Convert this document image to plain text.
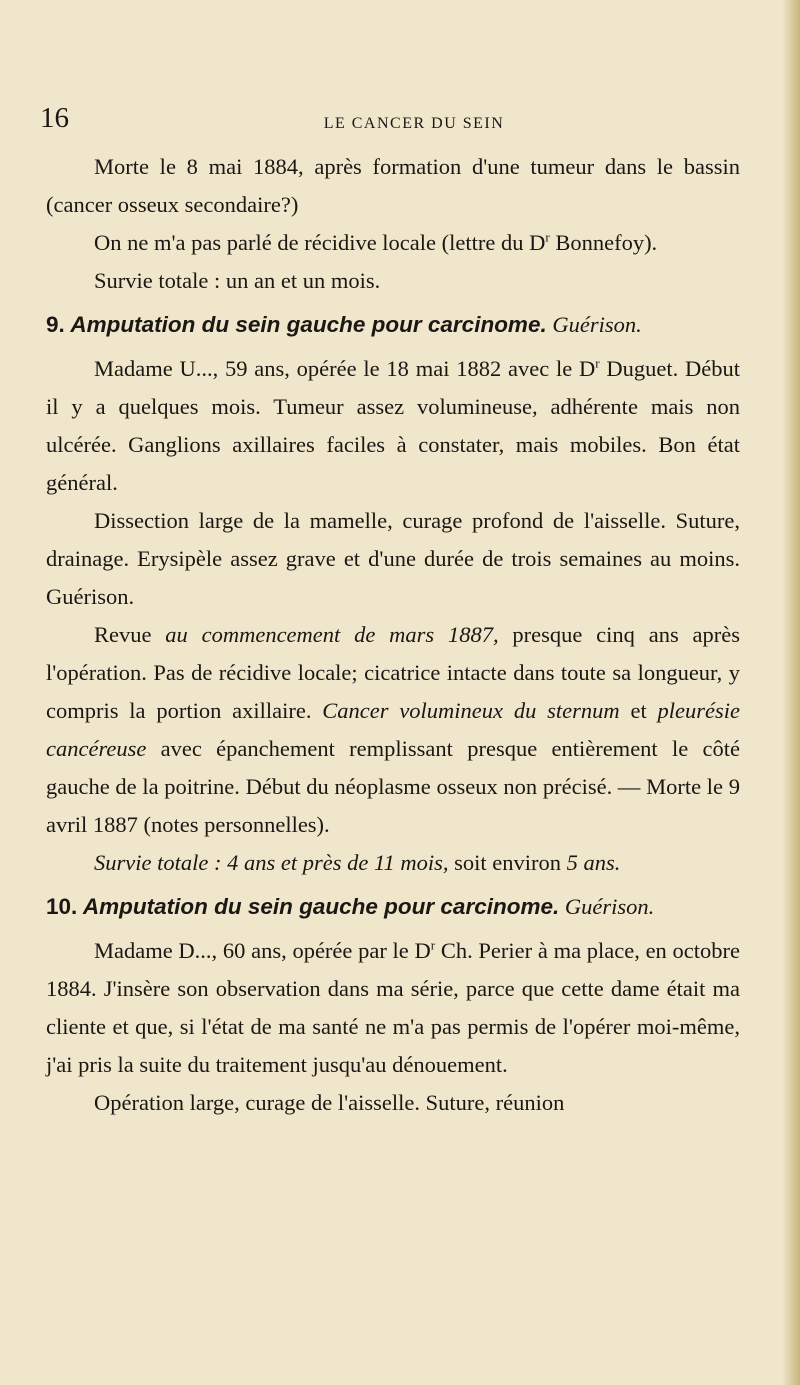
16	LE CANCER DU SEIN

Morte le 8 mai 1884, après formation d'une tumeur dans le bassin (cancer osseux secondaire?)

On ne m'a pas parlé de récidive locale (lettre du $D^r$ Bonnefoy).

Survie totale : un an et un mois.

9. Amputation du sein gauche pour carcinome. Guérison.

Madame U..., 59 ans, opérée le 18 mai 1882 avec le $D^r$ Duguet. Début il y a quelques mois. Tumeur assez volumineuse, adhérente mais non ulcérée. Ganglions axillaires faciles à constater, mais mobiles. Bon état général.

Dissection large de la mamelle, curage profond de l'aisselle. Suture, drainage. Erysipèle assez grave et d'une durée de trois semaines au moins. Guérison.

Revue au commencement de mars 1887, presque cinq ans après l'opération. Pas de récidive locale; cicatrice intacte dans toute sa longueur, y compris la portion axillaire. Cancer volumineux du sternum et pleurésie cancéreuse avec épanchement remplissant presque entièrement le côté gauche de la poitrine. Début du néoplasme osseux non précisé. — Morte le 9 avril 1887 (notes personnelles).

Survie totale : 4 ans et près de 11 mois, soit environ 5 ans.

10. Amputation du sein gauche pour carcinome. Guérison.

Madame D..., 60 ans, opérée par le $D^r$ Ch. Perier à ma place, en octobre 1884. J'insère son observation dans ma série, parce que cette dame était ma cliente et que, si l'état de ma santé ne m'a pas permis de l'opérer moi-même, j'ai pris la suite du traitement jusqu'au dénouement.

Opération large, curage de l'aisselle. Suture, réunion
